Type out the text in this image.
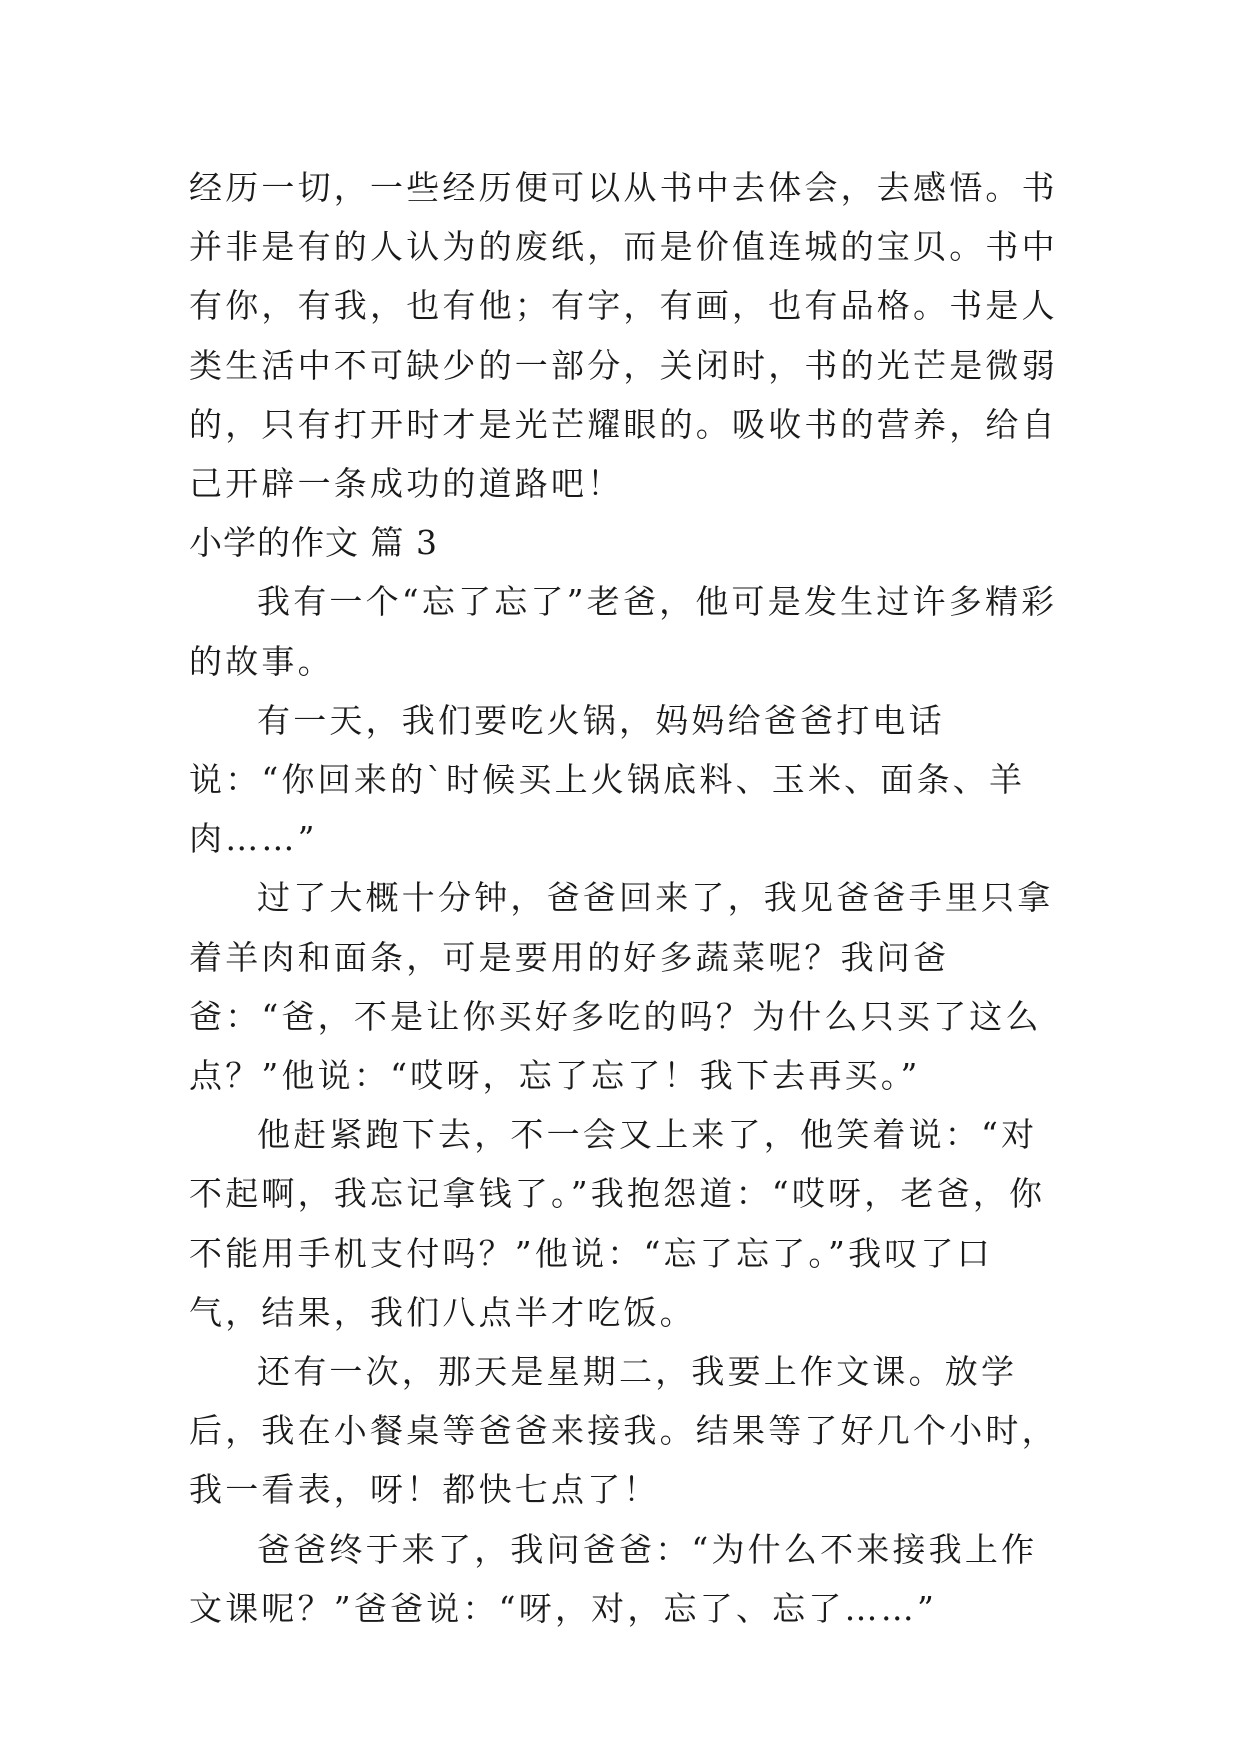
经历一切，一些经历便可以从书中去体会，去感悟。书并非是有的人认为的废纸，而是价值连城的宝贝。书中有你，有我，也有他；有字，有画，也有品格。书是人类生活中不可缺少的一部分，关闭时，书的光芒是微弱的，只有打开时才是光芒耀眼的。吸收书的营养，给自己开辟一条成功的道路吧！

小学的作文 篇 3

我有一个“忘了忘了”老爸，他可是发生过许多精彩的故事。

有一天，我们要吃火锅，妈妈给爸爸打电话说：“你回来的`时候买上火锅底料、玉米、面条、羊肉……”

过了大概十分钟，爸爸回来了，我见爸爸手里只拿着羊肉和面条，可是要用的好多蔬菜呢？我问爸爸：“爸，不是让你买好多吃的吗？为什么只买了这么点？”他说：“哎呀，忘了忘了！我下去再买。”

他赶紧跑下去，不一会又上来了，他笑着说：“对不起啊，我忘记拿钱了。”我抱怨道：“哎呀，老爸，你不能用手机支付吗？”他说：“忘了忘了。”我叹了口气，结果，我们八点半才吃饭。

还有一次，那天是星期二，我要上作文课。放学后，我在小餐桌等爸爸来接我。结果等了好几个小时，我一看表，呀！都快七点了！

爸爸终于来了，我问爸爸：“为什么不来接我上作文课呢？”爸爸说：“呀，对，忘了、忘了……”
